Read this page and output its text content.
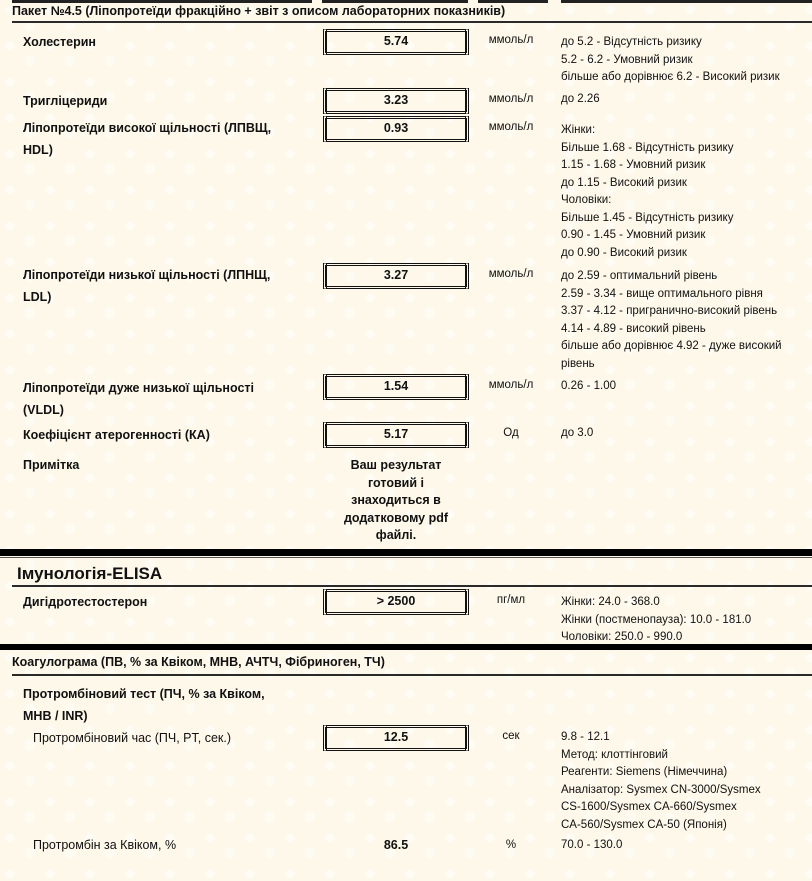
Пакет №4.5 (Ліпопротеїди фракційно + звіт з описом лабораторних показників)
Холестерин	5.74	ммоль/л	до 5.2 - Відсутність ризику
5.2 - 6.2 - Умовний ризик
більше або дорівнює 6.2 - Високий ризик
Тригліцериди	3.23	ммоль/л	до 2.26
Ліпопротеїди високої щільності (ЛПВЩ,
HDL)
0.93	ммоль/л	Жінки:
Більше 1.68 - Відсутність ризику
1.15 - 1.68 - Умовний ризик
до 1.15 - Високий ризик
Чоловіки:
Більше 1.45 - Відсутність ризику
0.90 - 1.45 - Умовний ризик
до 0.90 - Високий ризик
Ліпопротеїди низької щільності (ЛПНЩ,
LDL)
3.27	ммоль/л	до 2.59 - оптимальний рівень
2.59 - 3.34 - вище оптимального рівня
3.37 - 4.12 - пригранично-високий рівень
4.14 - 4.89 - високий рівень
більше або дорівнює 4.92 - дуже високий
рівень
Ліпопротеїди дуже низької щільності
(VLDL)
1.54	ммоль/л	0.26 - 1.00
Коефіцієнт атерогенності (КА)	5.17	Од	до 3.0
Примітка	Ваш результат
готовий і
знаходиться в
додатковому pdf
файлі.
Імунологія-ELISA
Дигідротестостерон	> 2500	пг/мл	Жінки: 24.0 - 368.0
Жінки (постменопауза): 10.0 - 181.0
Чоловіки: 250.0 - 990.0
Коагулограма (ПВ, % за Квіком, МНВ, АЧТЧ, Фібриноген, ТЧ)
Протромбіновий тест (ПЧ, % за Квіком,
МНВ / INR)
Протромбіновий час (ПЧ, PT, сек.)	12.5	сек	9.8 - 12.1
Метод: клоттінговий
Реагенти: Siemens (Німеччина)
Аналізатор: Sysmex CN-3000/Sysmex
CS-1600/Sysmex CA-660/Sysmex
CA-560/Sysmex CA-50 (Японія)
Протромбін за Квіком, %	86.5	%	70.0 - 130.0
